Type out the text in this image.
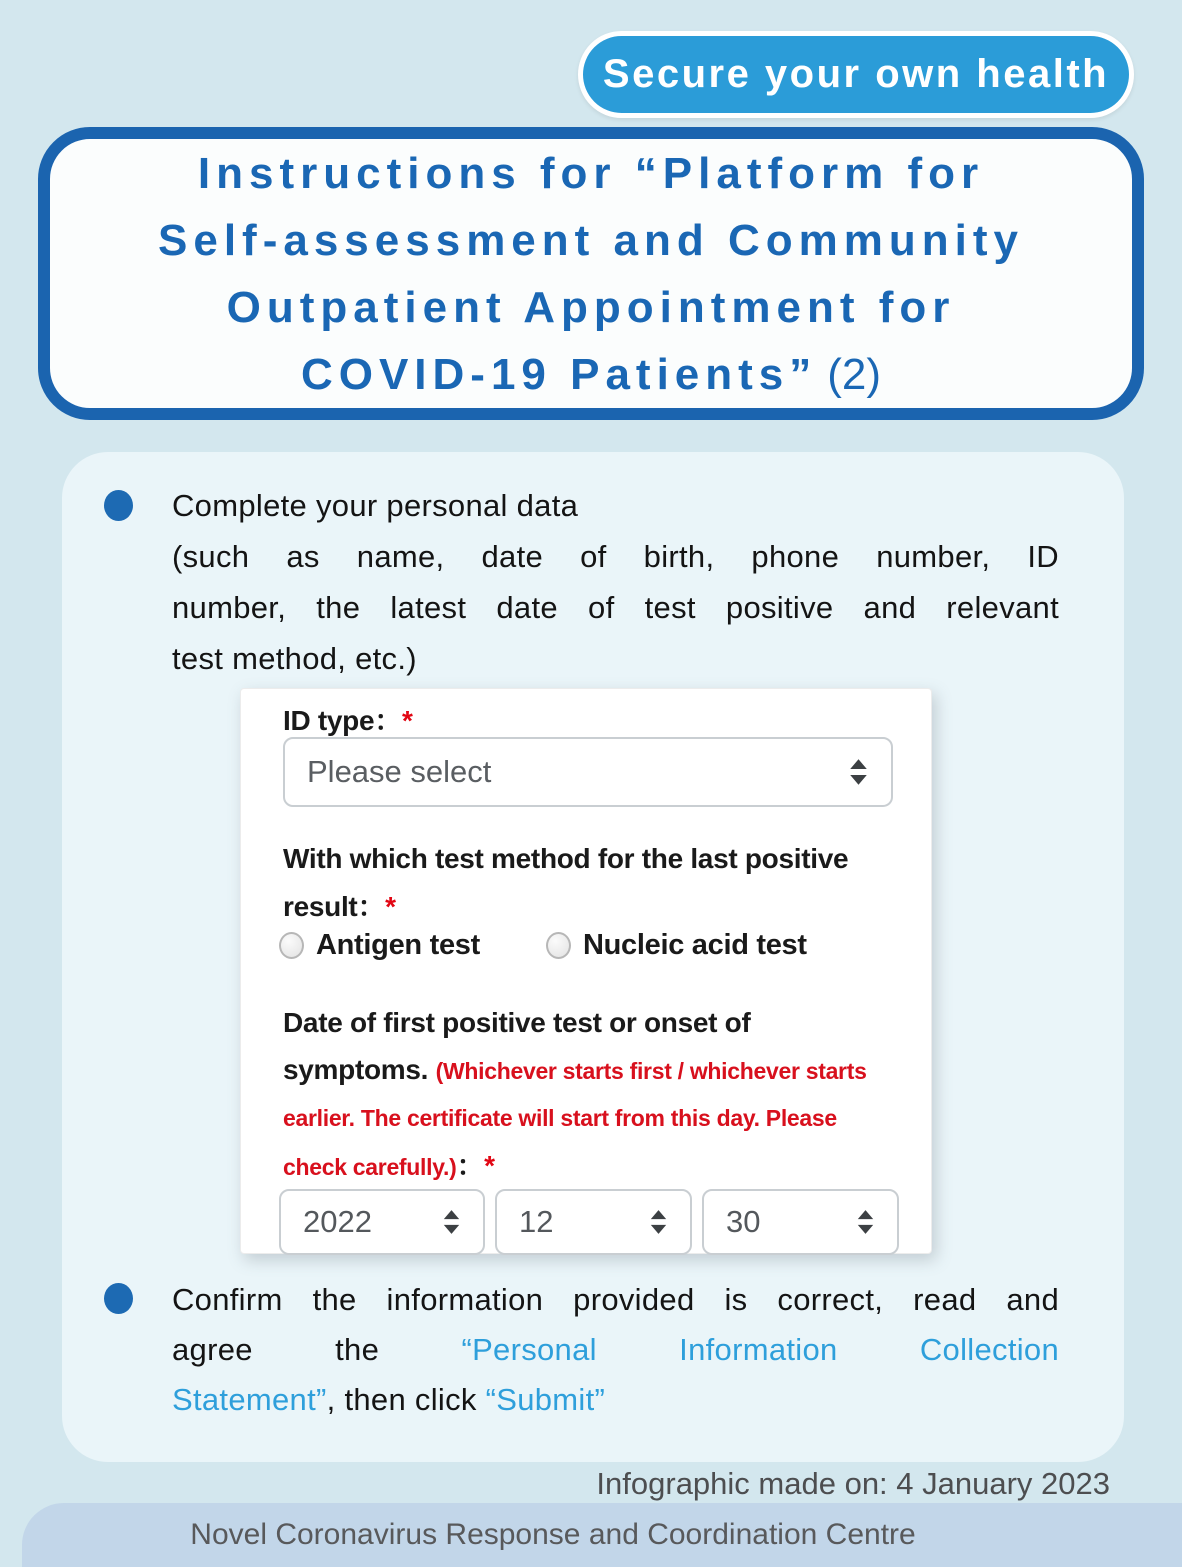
Secure your own health
Instructions for “Platform for
Self-assessment and Community
Outpatient Appointment for
COVID-19 Patients” (2)
Complete your personal data
(such as name, date of birth, phone number, ID
number, the latest date of test positive and relevant
test method, etc.)
ID type：*
Please select
With which test method for the last positive
result：*
Antigen test	Nucleic acid test
Date of first positive test or onset of
symptoms. (Whichever starts first / whichever starts
earlier. The certificate will start from this day. Please
check carefully.)：*
2022	12	30
Confirm the information provided is correct, read and
agree the “Personal Information Collection
Statement”, then click “Submit”
Infographic made on: 4 January 2023
Novel Coronavirus Response and Coordination Centre
